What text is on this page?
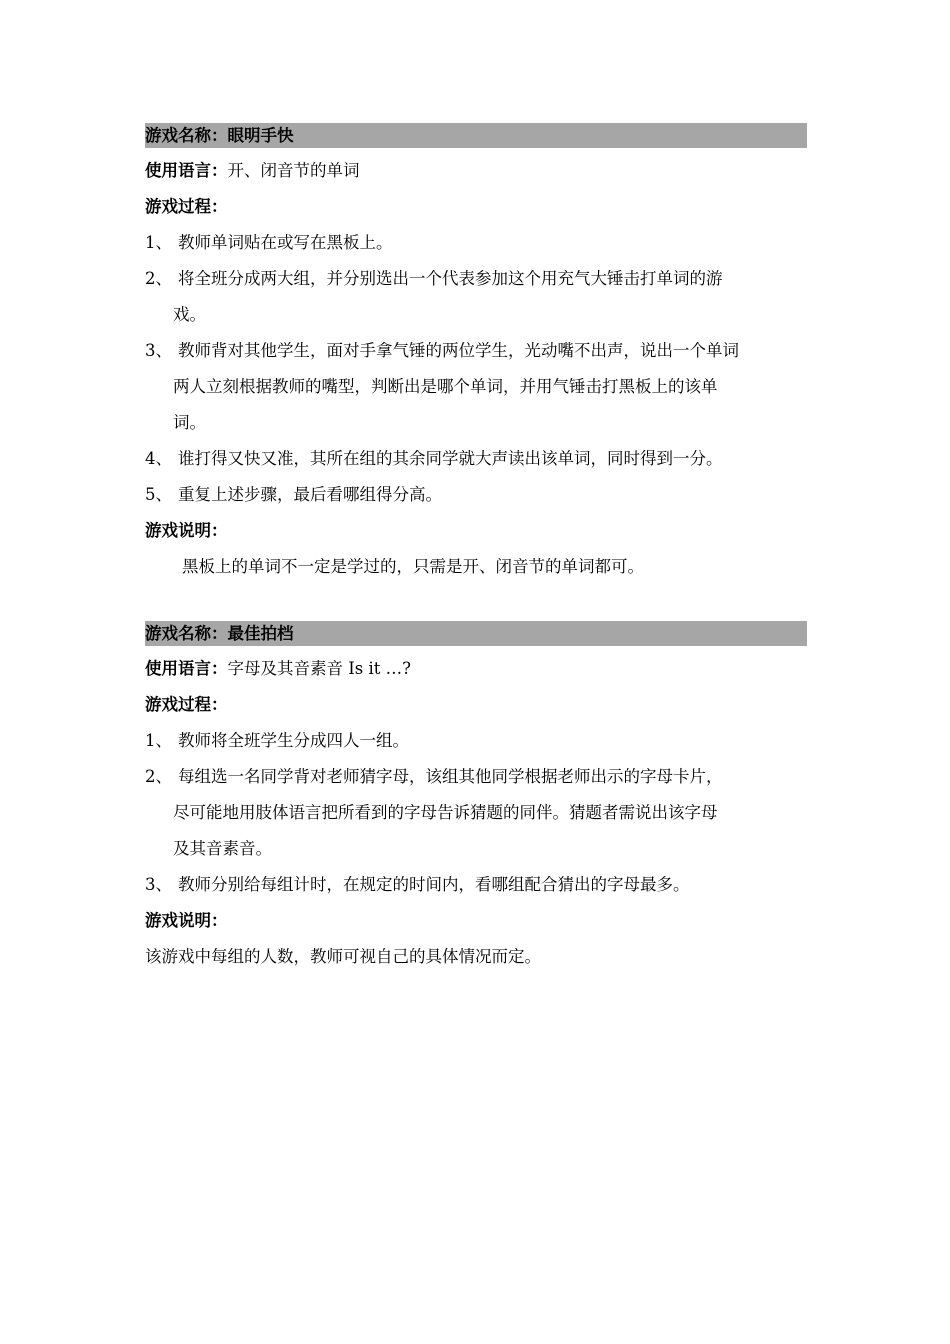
游戏名称：眼明手快
使用语言：开、闭音节的单词
游戏过程：
1、 教师单词贴在或写在黑板上。
2、 将全班分成两大组，并分别选出一个代表参加这个用充气大锤击打单词的游
戏。
3、 教师背对其他学生，面对手拿气锤的两位学生，光动嘴不出声，说出一个单词
两人立刻根据教师的嘴型，判断出是哪个单词，并用气锤击打黑板上的该单
词。
4、 谁打得又快又准，其所在组的其余同学就大声读出该单词，同时得到一分。
5、 重复上述步骤，最后看哪组得分高。
游戏说明：
黑板上的单词不一定是学过的，只需是开、闭音节的单词都可。
游戏名称：最佳拍档
使用语言：字母及其音素音 Is it …?
游戏过程：
1、 教师将全班学生分成四人一组。
2、 每组选一名同学背对老师猜字母，该组其他同学根据老师出示的字母卡片，
尽可能地用肢体语言把所看到的字母告诉猜题的同伴。猜题者需说出该字母
及其音素音。
3、 教师分别给每组计时，在规定的时间内，看哪组配合猜出的字母最多。
游戏说明：
该游戏中每组的人数，教师可视自己的具体情况而定。
